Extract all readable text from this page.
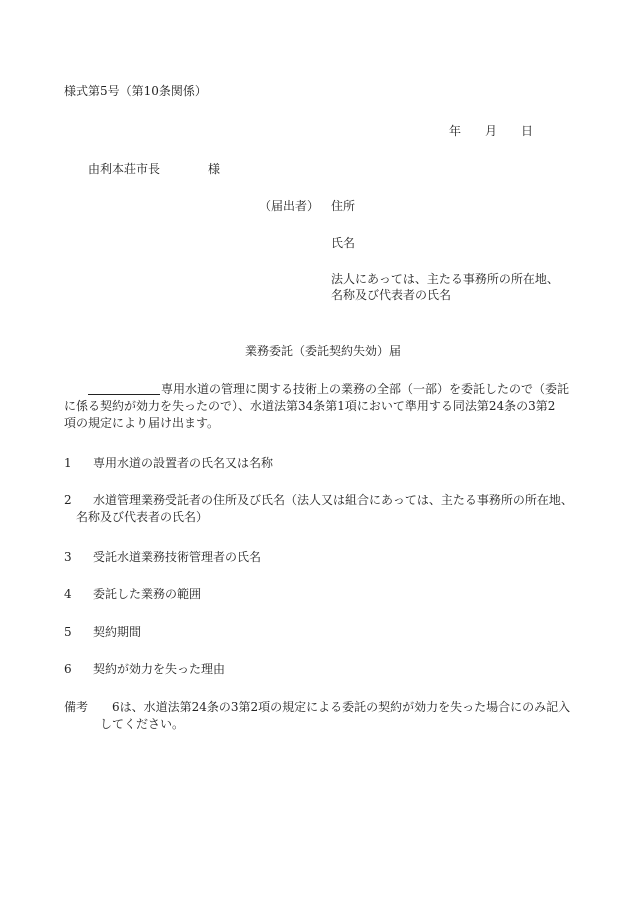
様式第5号（第10条関係）
年 月 日
由利本荘市長	様
（届出者） 住所
氏名
法人にあっては、主たる事務所の所在地、
名称及び代表者の氏名
業務委託（委託契約失効）届
専用水道の管理に関する技術上の業務の全部（一部）を委託したので（委託
に係る契約が効力を失ったので）、水道法第34条第1項において準用する同法第24条の3第2
項の規定により届け出ます。
1 専用水道の設置者の氏名又は名称
2 水道管理業務受託者の住所及び氏名（法人又は組合にあっては、主たる事務所の所在地、
名称及び代表者の氏名）
3 受託水道業務技術管理者の氏名
4 委託した業務の範囲
5 契約期間
6 契約が効力を失った理由
備考 6は、水道法第24条の3第2項の規定による委託の契約が効力を失った場合にのみ記入
してください。
